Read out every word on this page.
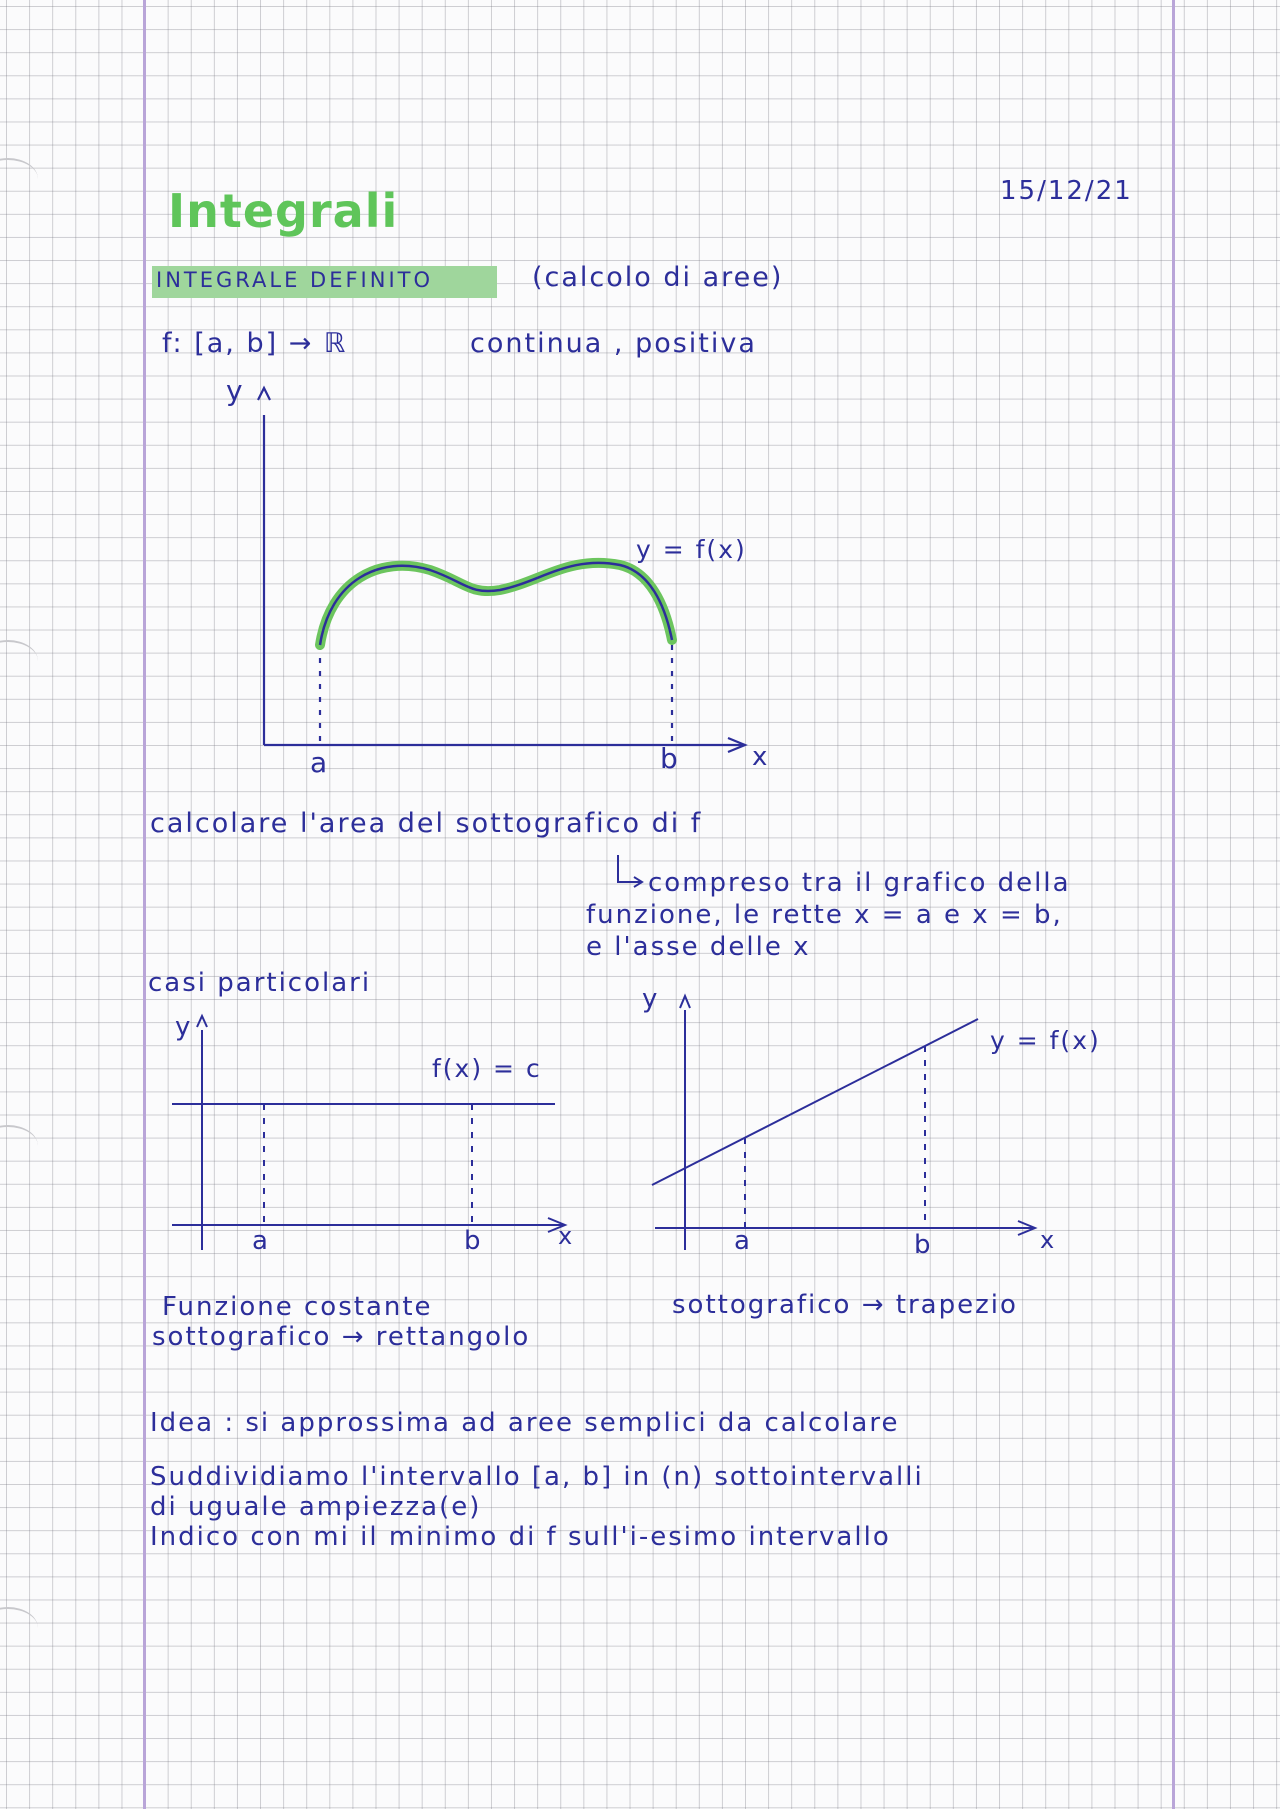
Integrali	15/12/21
INTEGRALE DEFINITO	(calcolo di aree)
f: [a, b] → ℝ	continua , positiva
y
x
a	b
y = f(x)
calcolare l'area del sottografico di f
compreso tra il grafico della
funzione, le rette x = a e x = b,
e l'asse delle x
casi particolari
y
x
a	b
f(x) = c
Funzione costante
sottografico → rettangolo
y
x
a	b
y = f(x)
sottografico → trapezio
Idea : si approssima ad aree semplici da calcolare
Suddividiamo l'intervallo [a, b] in (n) sottointervalli
di uguale ampiezza(e)
Indico con mi il minimo di f sull'i-esimo intervallo
